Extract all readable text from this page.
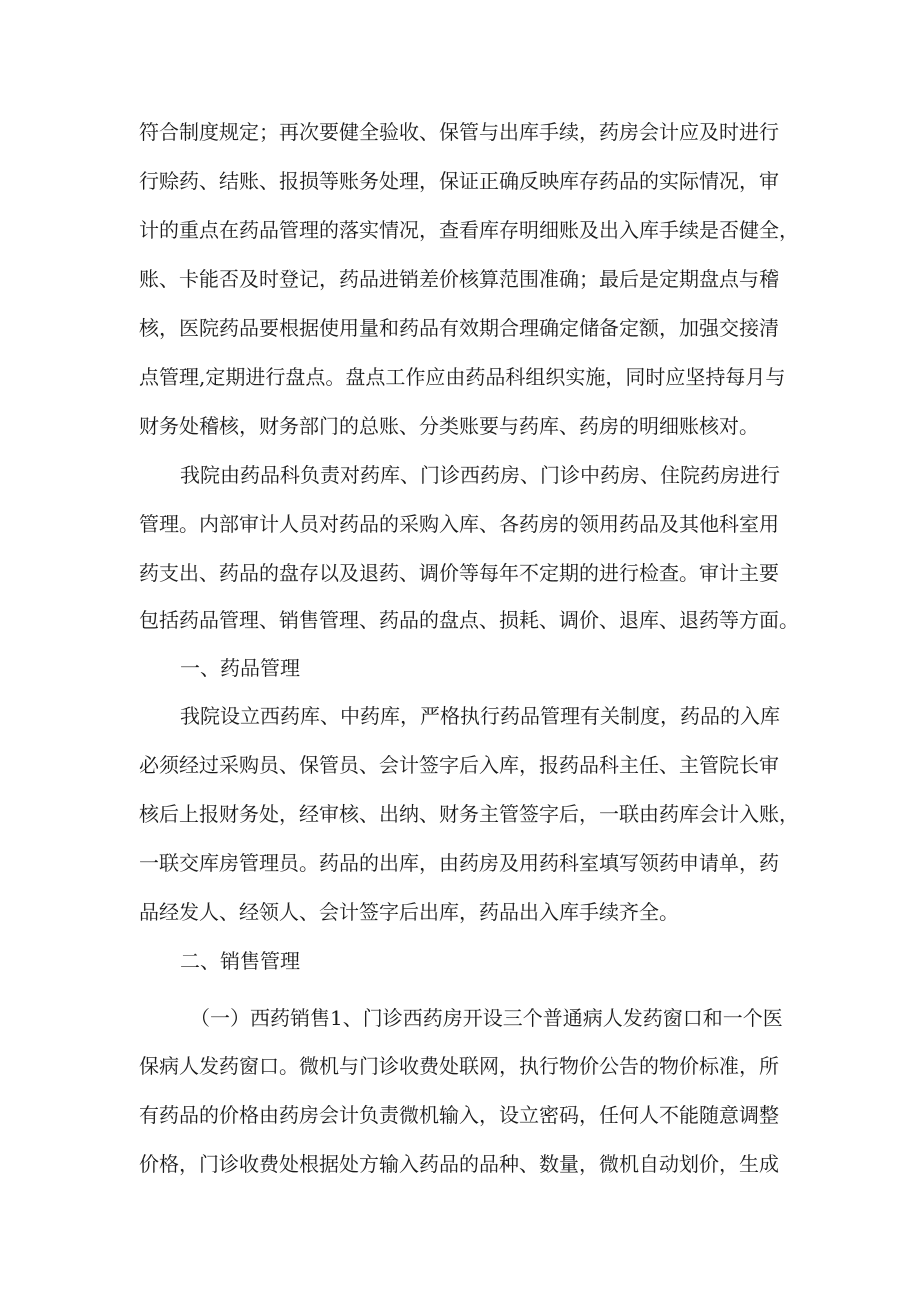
符合制度规定；再次要健全验收、保管与出库手续，药房会计应及时进行

行赊药、结账、报损等账务处理，保证正确反映库存药品的实际情况，审

计的重点在药品管理的落实情况，查看库存明细账及出入库手续是否健全，

账、卡能否及时登记，药品进销差价核算范围准确；最后是定期盘点与稽

核，医院药品要根据使用量和药品有效期合理确定储备定额，加强交接清

点管理,定期进行盘点。盘点工作应由药品科组织实施，同时应坚持每月与

财务处稽核，财务部门的总账、分类账要与药库、药房的明细账核对。

我院由药品科负责对药库、门诊西药房、门诊中药房、住院药房进行

管理。内部审计人员对药品的采购入库、各药房的领用药品及其他科室用

药支出、药品的盘存以及退药、调价等每年不定期的进行检查。审计主要

包括药品管理、销售管理、药品的盘点、损耗、调价、退库、退药等方面。

一、药品管理

我院设立西药库、中药库，严格执行药品管理有关制度，药品的入库

必须经过采购员、保管员、会计签字后入库，报药品科主任、主管院长审

核后上报财务处，经审核、出纳、财务主管签字后，一联由药库会计入账，

一联交库房管理员。药品的出库，由药房及用药科室填写领药申请单，药

品经发人、经领人、会计签字后出库，药品出入库手续齐全。

二、销售管理

（一）西药销售1、门诊西药房开设三个普通病人发药窗口和一个医

保病人发药窗口。微机与门诊收费处联网，执行物价公告的物价标准，所

有药品的价格由药房会计负责微机输入，设立密码，任何人不能随意调整

价格，门诊收费处根据处方输入药品的品种、数量，微机自动划价，生成
